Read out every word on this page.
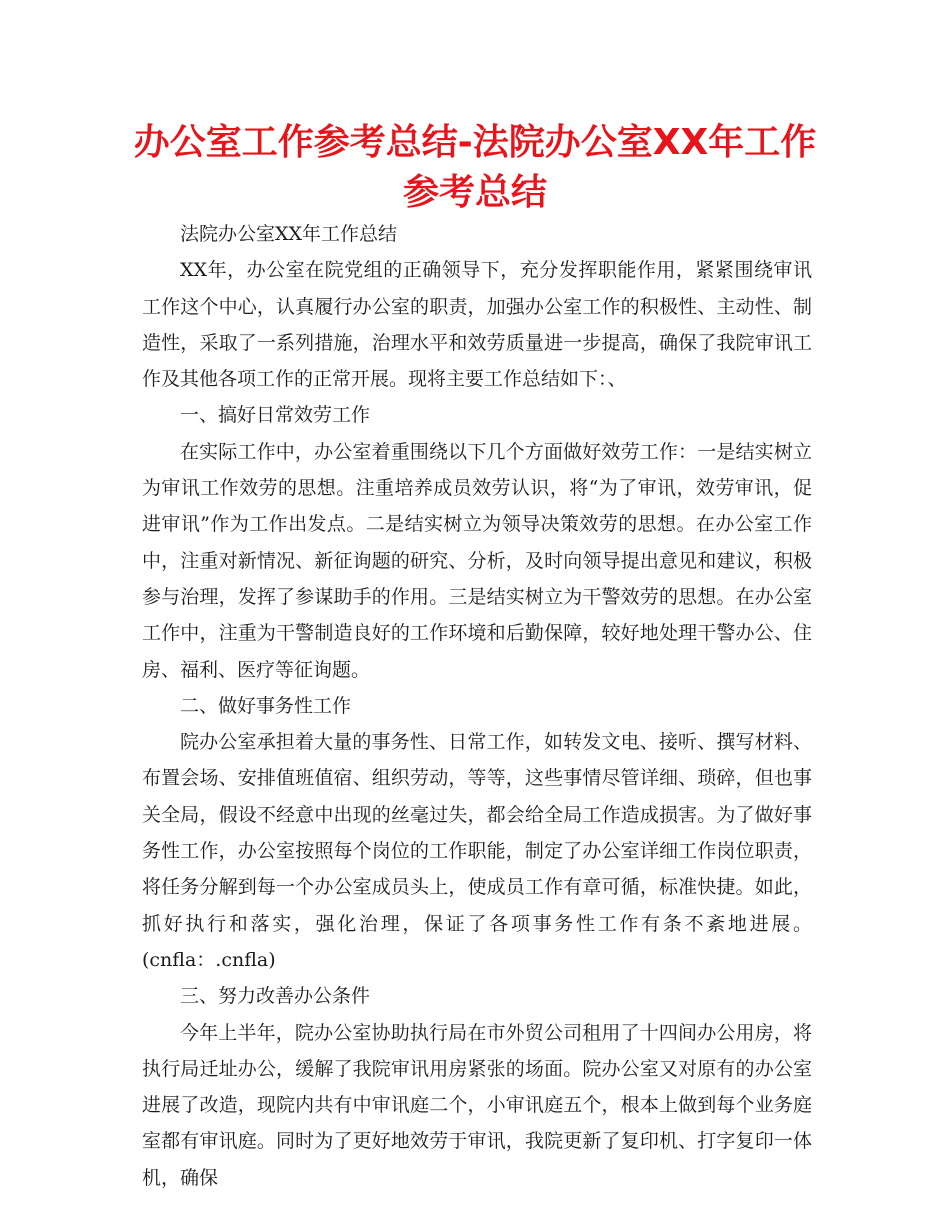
办公室工作参考总结-法院办公室XX年工作参考总结

法院办公室XX年工作总结

XX年，办公室在院党组的正确领导下，充分发挥职能作用，紧紧围绕审讯工作这个中心，认真履行办公室的职责，加强办公室工作的积极性、主动性、制造性，采取了一系列措施，治理水平和效劳质量进一步提高，确保了我院审讯工作及其他各项工作的正常开展。现将主要工作总结如下：、

一、搞好日常效劳工作

在实际工作中，办公室着重围绕以下几个方面做好效劳工作：一是结实树立为审讯工作效劳的思想。注重培养成员效劳认识，将“为了审讯，效劳审讯，促进审讯”作为工作出发点。二是结实树立为领导决策效劳的思想。在办公室工作中，注重对新情况、新征询题的研究、分析，及时向领导提出意见和建议，积极参与治理，发挥了参谋助手的作用。三是结实树立为干警效劳的思想。在办公室工作中，注重为干警制造良好的工作环境和后勤保障，较好地处理干警办公、住房、福利、医疗等征询题。

二、做好事务性工作

院办公室承担着大量的事务性、日常工作，如转发文电、接听、撰写材料、布置会场、安排值班值宿、组织劳动，等等，这些事情尽管详细、琐碎，但也事关全局，假设不经意中出现的丝毫过失，都会给全局工作造成损害。为了做好事务性工作，办公室按照每个岗位的工作职能，制定了办公室详细工作岗位职责，将任务分解到每一个办公室成员头上，使成员工作有章可循，标准快捷。如此，抓好执行和落实，强化治理，保证了各项事务性工作有条不紊地进展。(cnfla：.cnfla)

三、努力改善办公条件

今年上半年，院办公室协助执行局在市外贸公司租用了十四间办公用房，将执行局迁址办公，缓解了我院审讯用房紧张的场面。院办公室又对原有的办公室进展了改造，现院内共有中审讯庭二个，小审讯庭五个，根本上做到每个业务庭室都有审讯庭。同时为了更好地效劳于审讯，我院更新了复印机、打字复印一体机，确保
